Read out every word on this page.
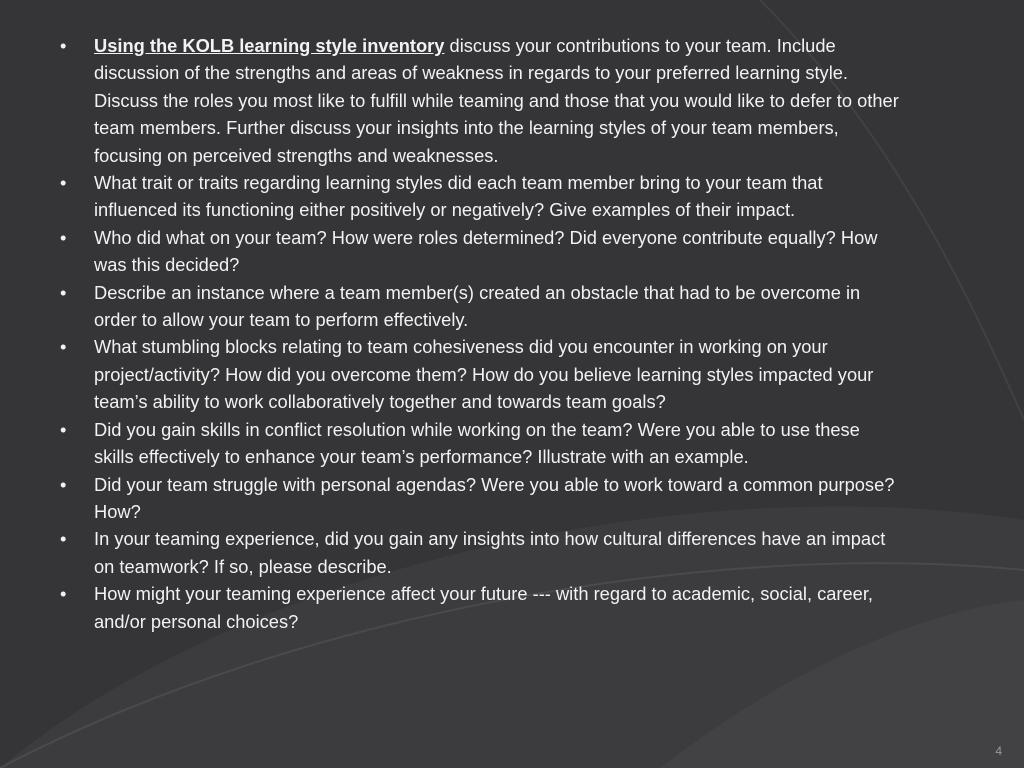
•	Using the KOLB learning style inventory discuss your contributions to your team. Include discussion of the strengths and areas of weakness in regards to your preferred learning style. Discuss the roles you most like to fulfill while teaming and those that you would like to defer to other team members. Further discuss your insights into the learning styles of your team members, focusing on perceived strengths and weaknesses.
•	What trait or traits regarding learning styles did each team member bring to your team that influenced its functioning either positively or negatively? Give examples of their impact.
•	Who did what on your team? How were roles determined? Did everyone contribute equally? How was this decided?
•	Describe an instance where a team member(s) created an obstacle that had to be overcome in order to allow your team to perform effectively.
•	What stumbling blocks relating to team cohesiveness did you encounter in working on your project/activity? How did you overcome them? How do you believe learning styles impacted your team’s ability to work collaboratively together and towards team goals?
•	Did you gain skills in conflict resolution while working on the team? Were you able to use these skills effectively to enhance your team’s performance? Illustrate with an example.
•	Did your team struggle with personal agendas? Were you able to work toward a common purpose? How?
•	In your teaming experience, did you gain any insights into how cultural differences have an impact on teamwork? If so, please describe.
•	How might your teaming experience affect your future --- with regard to academic, social, career, and/or personal choices?
4
